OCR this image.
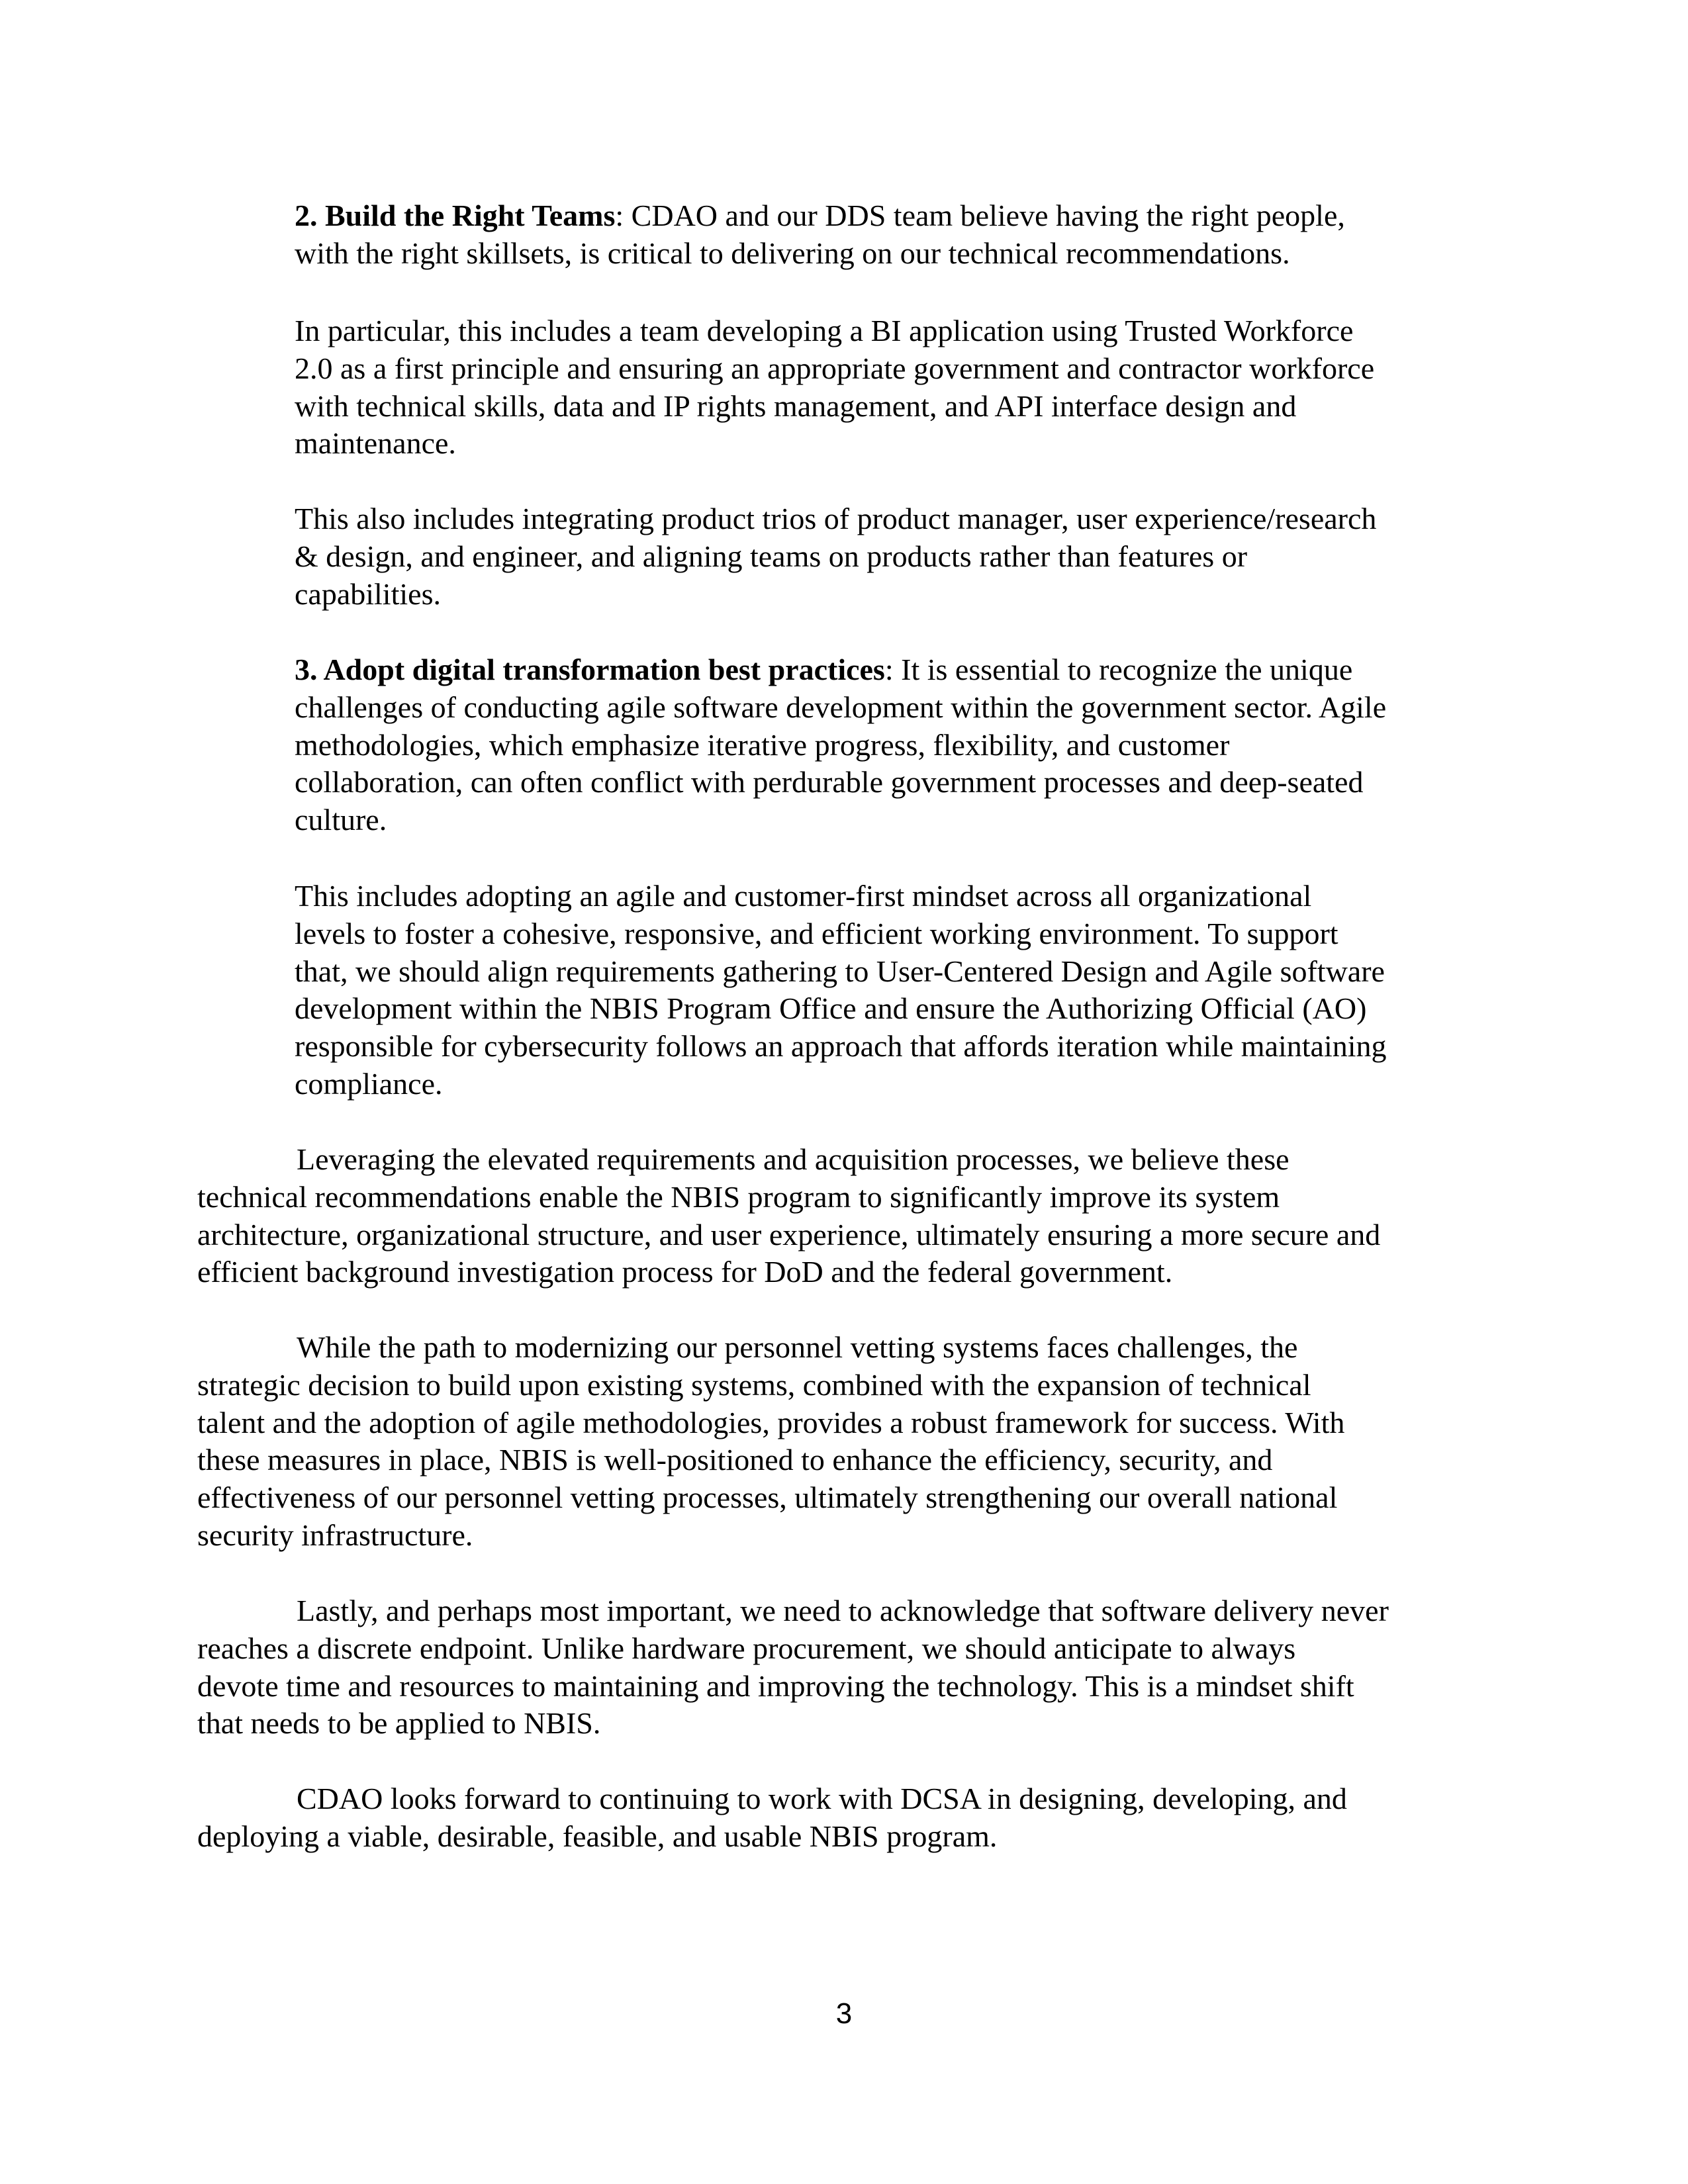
2. Build the Right Teams: CDAO and our DDS team believe having the right people,
with the right skillsets, is critical to delivering on our technical recommendations.

In particular, this includes a team developing a BI application using Trusted Workforce
2.0 as a first principle and ensuring an appropriate government and contractor workforce
with technical skills, data and IP rights management, and API interface design and
maintenance.

This also includes integrating product trios of product manager, user experience/research
& design, and engineer, and aligning teams on products rather than features or
capabilities.

3. Adopt digital transformation best practices: It is essential to recognize the unique
challenges of conducting agile software development within the government sector. Agile
methodologies, which emphasize iterative progress, flexibility, and customer
collaboration, can often conflict with perdurable government processes and deep-seated
culture.

This includes adopting an agile and customer-first mindset across all organizational
levels to foster a cohesive, responsive, and efficient working environment. To support
that, we should align requirements gathering to User-Centered Design and Agile software
development within the NBIS Program Office and ensure the Authorizing Official (AO)
responsible for cybersecurity follows an approach that affords iteration while maintaining
compliance.

Leveraging the elevated requirements and acquisition processes, we believe these
technical recommendations enable the NBIS program to significantly improve its system
architecture, organizational structure, and user experience, ultimately ensuring a more secure and
efficient background investigation process for DoD and the federal government.

While the path to modernizing our personnel vetting systems faces challenges, the
strategic decision to build upon existing systems, combined with the expansion of technical
talent and the adoption of agile methodologies, provides a robust framework for success. With
these measures in place, NBIS is well-positioned to enhance the efficiency, security, and
effectiveness of our personnel vetting processes, ultimately strengthening our overall national
security infrastructure.

Lastly, and perhaps most important, we need to acknowledge that software delivery never
reaches a discrete endpoint. Unlike hardware procurement, we should anticipate to always
devote time and resources to maintaining and improving the technology. This is a mindset shift
that needs to be applied to NBIS.

CDAO looks forward to continuing to work with DCSA in designing, developing, and
deploying a viable, desirable, feasible, and usable NBIS program.

3
